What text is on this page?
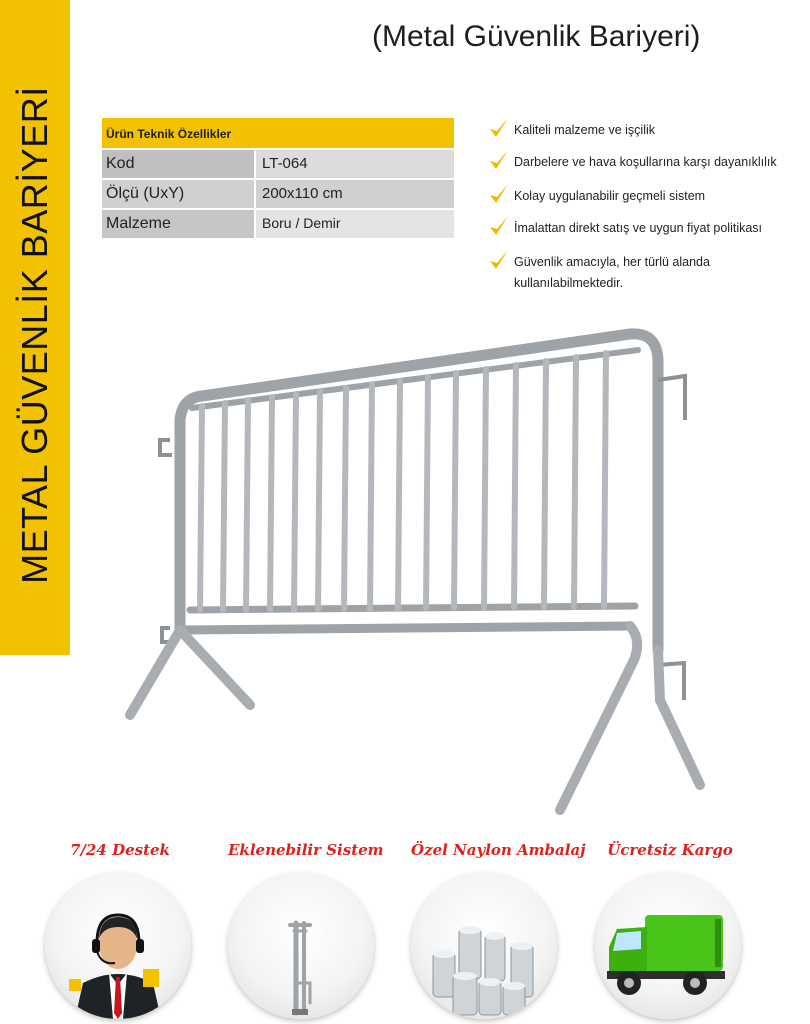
METAL GÜVENLİK BARİYERİ
(Metal Güvenlik Bariyeri)
Ürün Teknik Özellikler
Kod	LT-064
Ölçü (UxY)	200x110 cm
Malzeme	Boru / Demir
Kaliteli malzeme ve işçilik
Darbelere ve hava koşullarına karşı dayanıklılık
Kolay uygulanabilir geçmeli sistem
İmalattan direkt satış ve uygun fiyat politikası
Güvenlik amacıyla, her türlü alanda kullanılabilmektedir.
7/24 Destek	Eklenebilir Sistem Özel Naylon Ambalaj	Ücretsiz Kargo
